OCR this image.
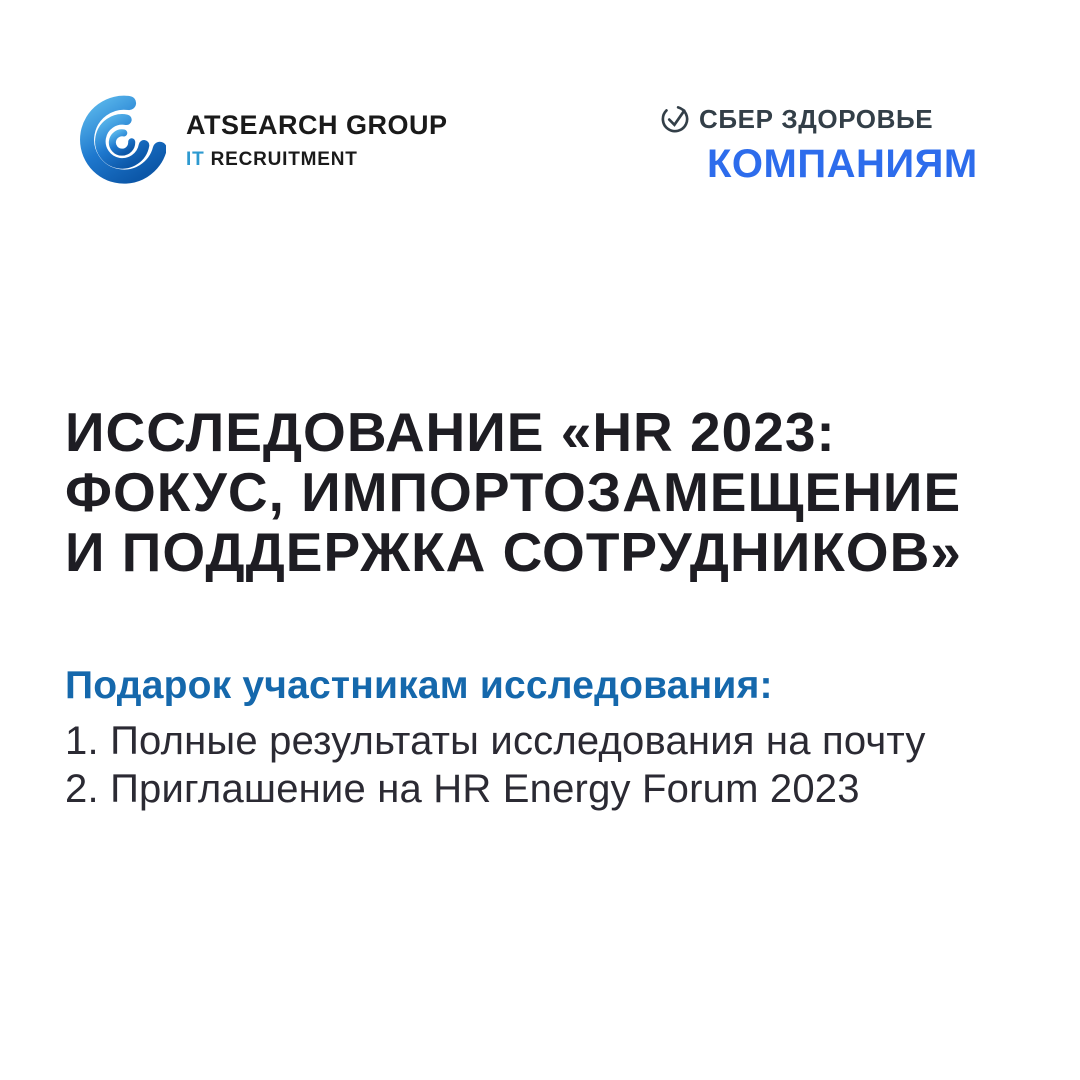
ATSEARCH GROUP
IT RECRUITMENT
СБЕР ЗДОРОВЬЕ
КОМПАНИЯМ
ИССЛЕДОВАНИЕ «HR 2023:
ФОКУС, ИМПОРТОЗАМЕЩЕНИЕ
И ПОДДЕРЖКА СОТРУДНИКОВ»
Подарок участникам исследования:
1. Полные результаты исследования на почту
2. Приглашение на HR Energy Forum 2023
